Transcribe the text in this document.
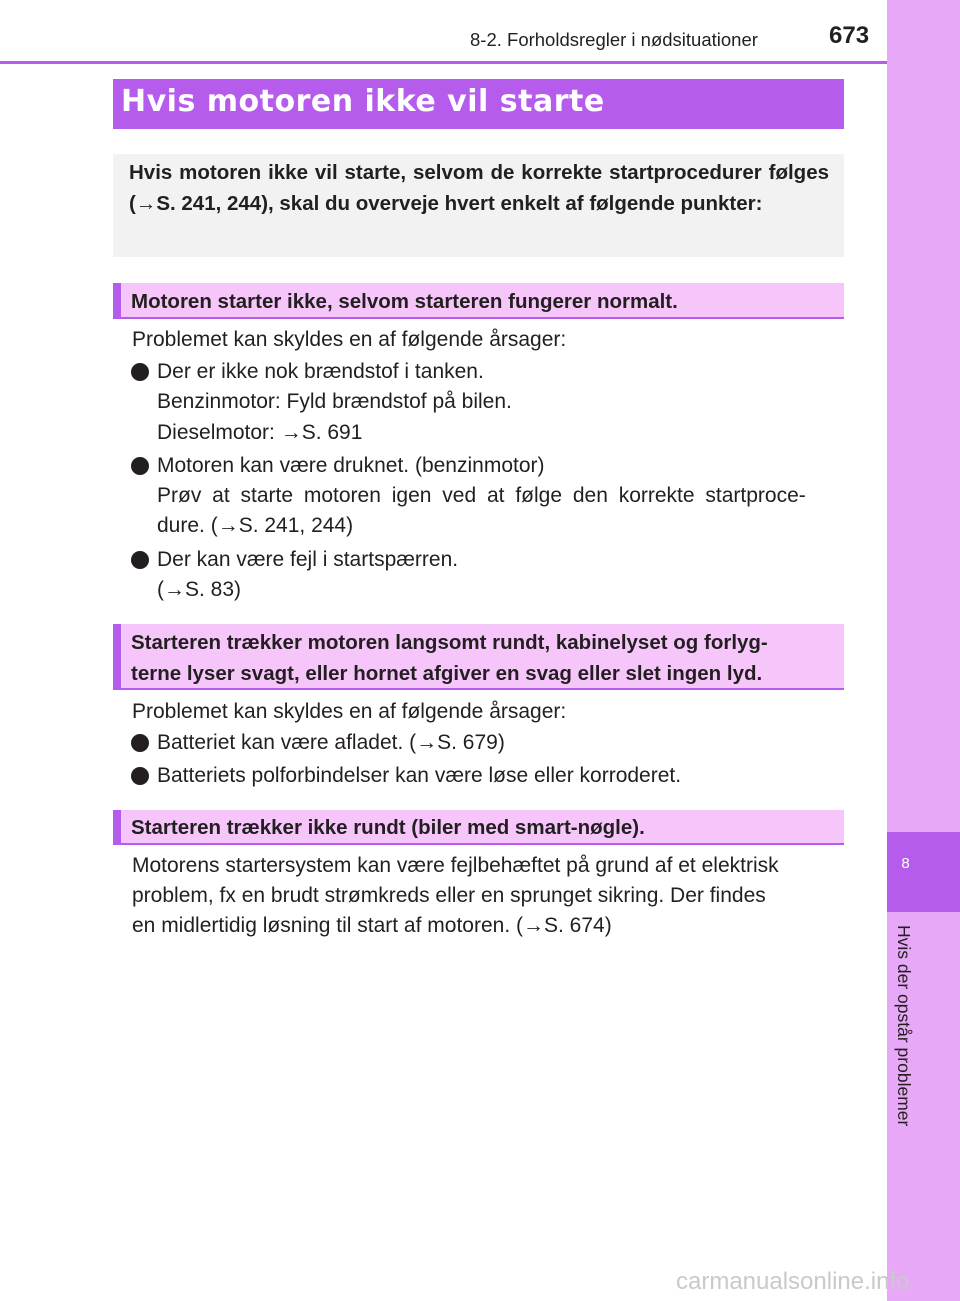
8-2. Forholdsregler i nødsituationer	673
8
Hvis der opstår problemer
Hvis motoren ikke vil starte
Hvis motoren ikke vil starte, selvom de korrekte startprocedurer følges (→S. 241, 244), skal du overveje hvert enkelt af følgende punkter:
Motoren starter ikke, selvom starteren fungerer normalt.
Problemet kan skyldes en af følgende årsager:
Der er ikke nok brændstof i tanken.
Benzinmotor: Fyld brændstof på bilen.
Dieselmotor: →S. 691
Motoren kan være druknet. (benzinmotor)
Prøv at starte motoren igen ved at følge den korrekte startproce-
dure. (→S. 241, 244)
Der kan være fejl i startspærren.
(→S. 83)
Starteren trækker motoren langsomt rundt, kabinelyset og forlyg-
terne lyser svagt, eller hornet afgiver en svag eller slet ingen lyd.
Problemet kan skyldes en af følgende årsager:
Batteriet kan være afladet. (→S. 679)
Batteriets polforbindelser kan være løse eller korroderet.
Starteren trækker ikke rundt (biler med smart-nøgle).
Motorens startersystem kan være fejlbehæftet på grund af et elektrisk
problem, fx en brudt strømkreds eller en sprunget sikring. Der findes
en midlertidig løsning til start af motoren. (→S. 674)
carmanualsonline.info
